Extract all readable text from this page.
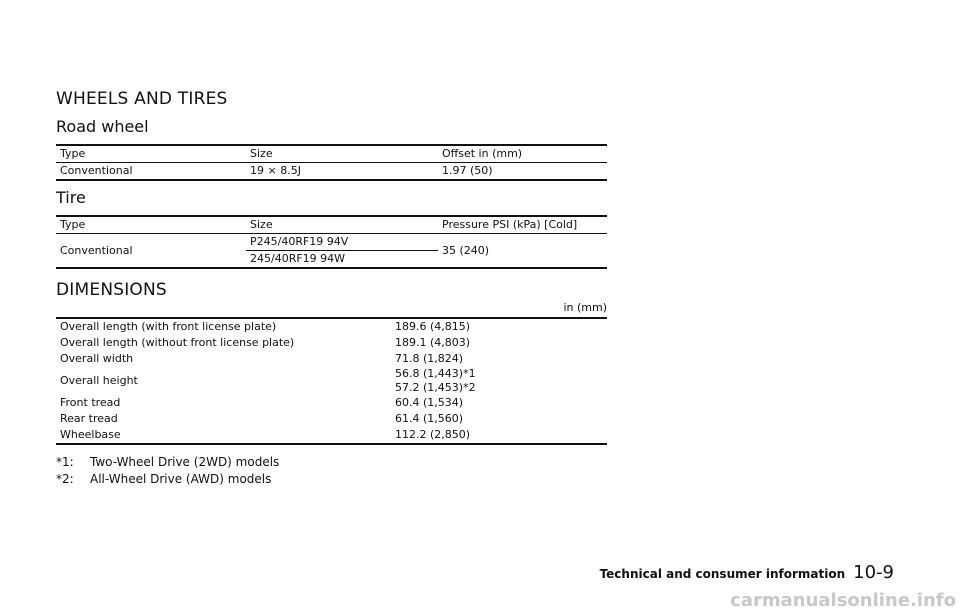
WHEELS AND TIRES
Road wheel
Type	Size	Offset in (mm)
Conventional	19 × 8.5J	1.97 (50)
Tire
Type	Size	Pressure PSI (kPa) [Cold]
Conventional	P245/40RF19 94V	35 (240)
	245/40RF19 94W	
DIMENSIONS
in (mm)
Overall length (with front license plate)	189.6 (4,815)
Overall length (without front license plate)	189.1 (4,803)
Overall width	71.8 (1,824)
Overall height	56.8 (1,443)*1
57.2 (1,453)*2

Front tread	60.4 (1,534)
Rear tread	61.4 (1,560)
Wheelbase	112.2 (2,850)
*1: Two-Wheel Drive (2WD) models
*2: All-Wheel Drive (AWD) models
Technical and consumer information 10-9
carmanualsonline.info
